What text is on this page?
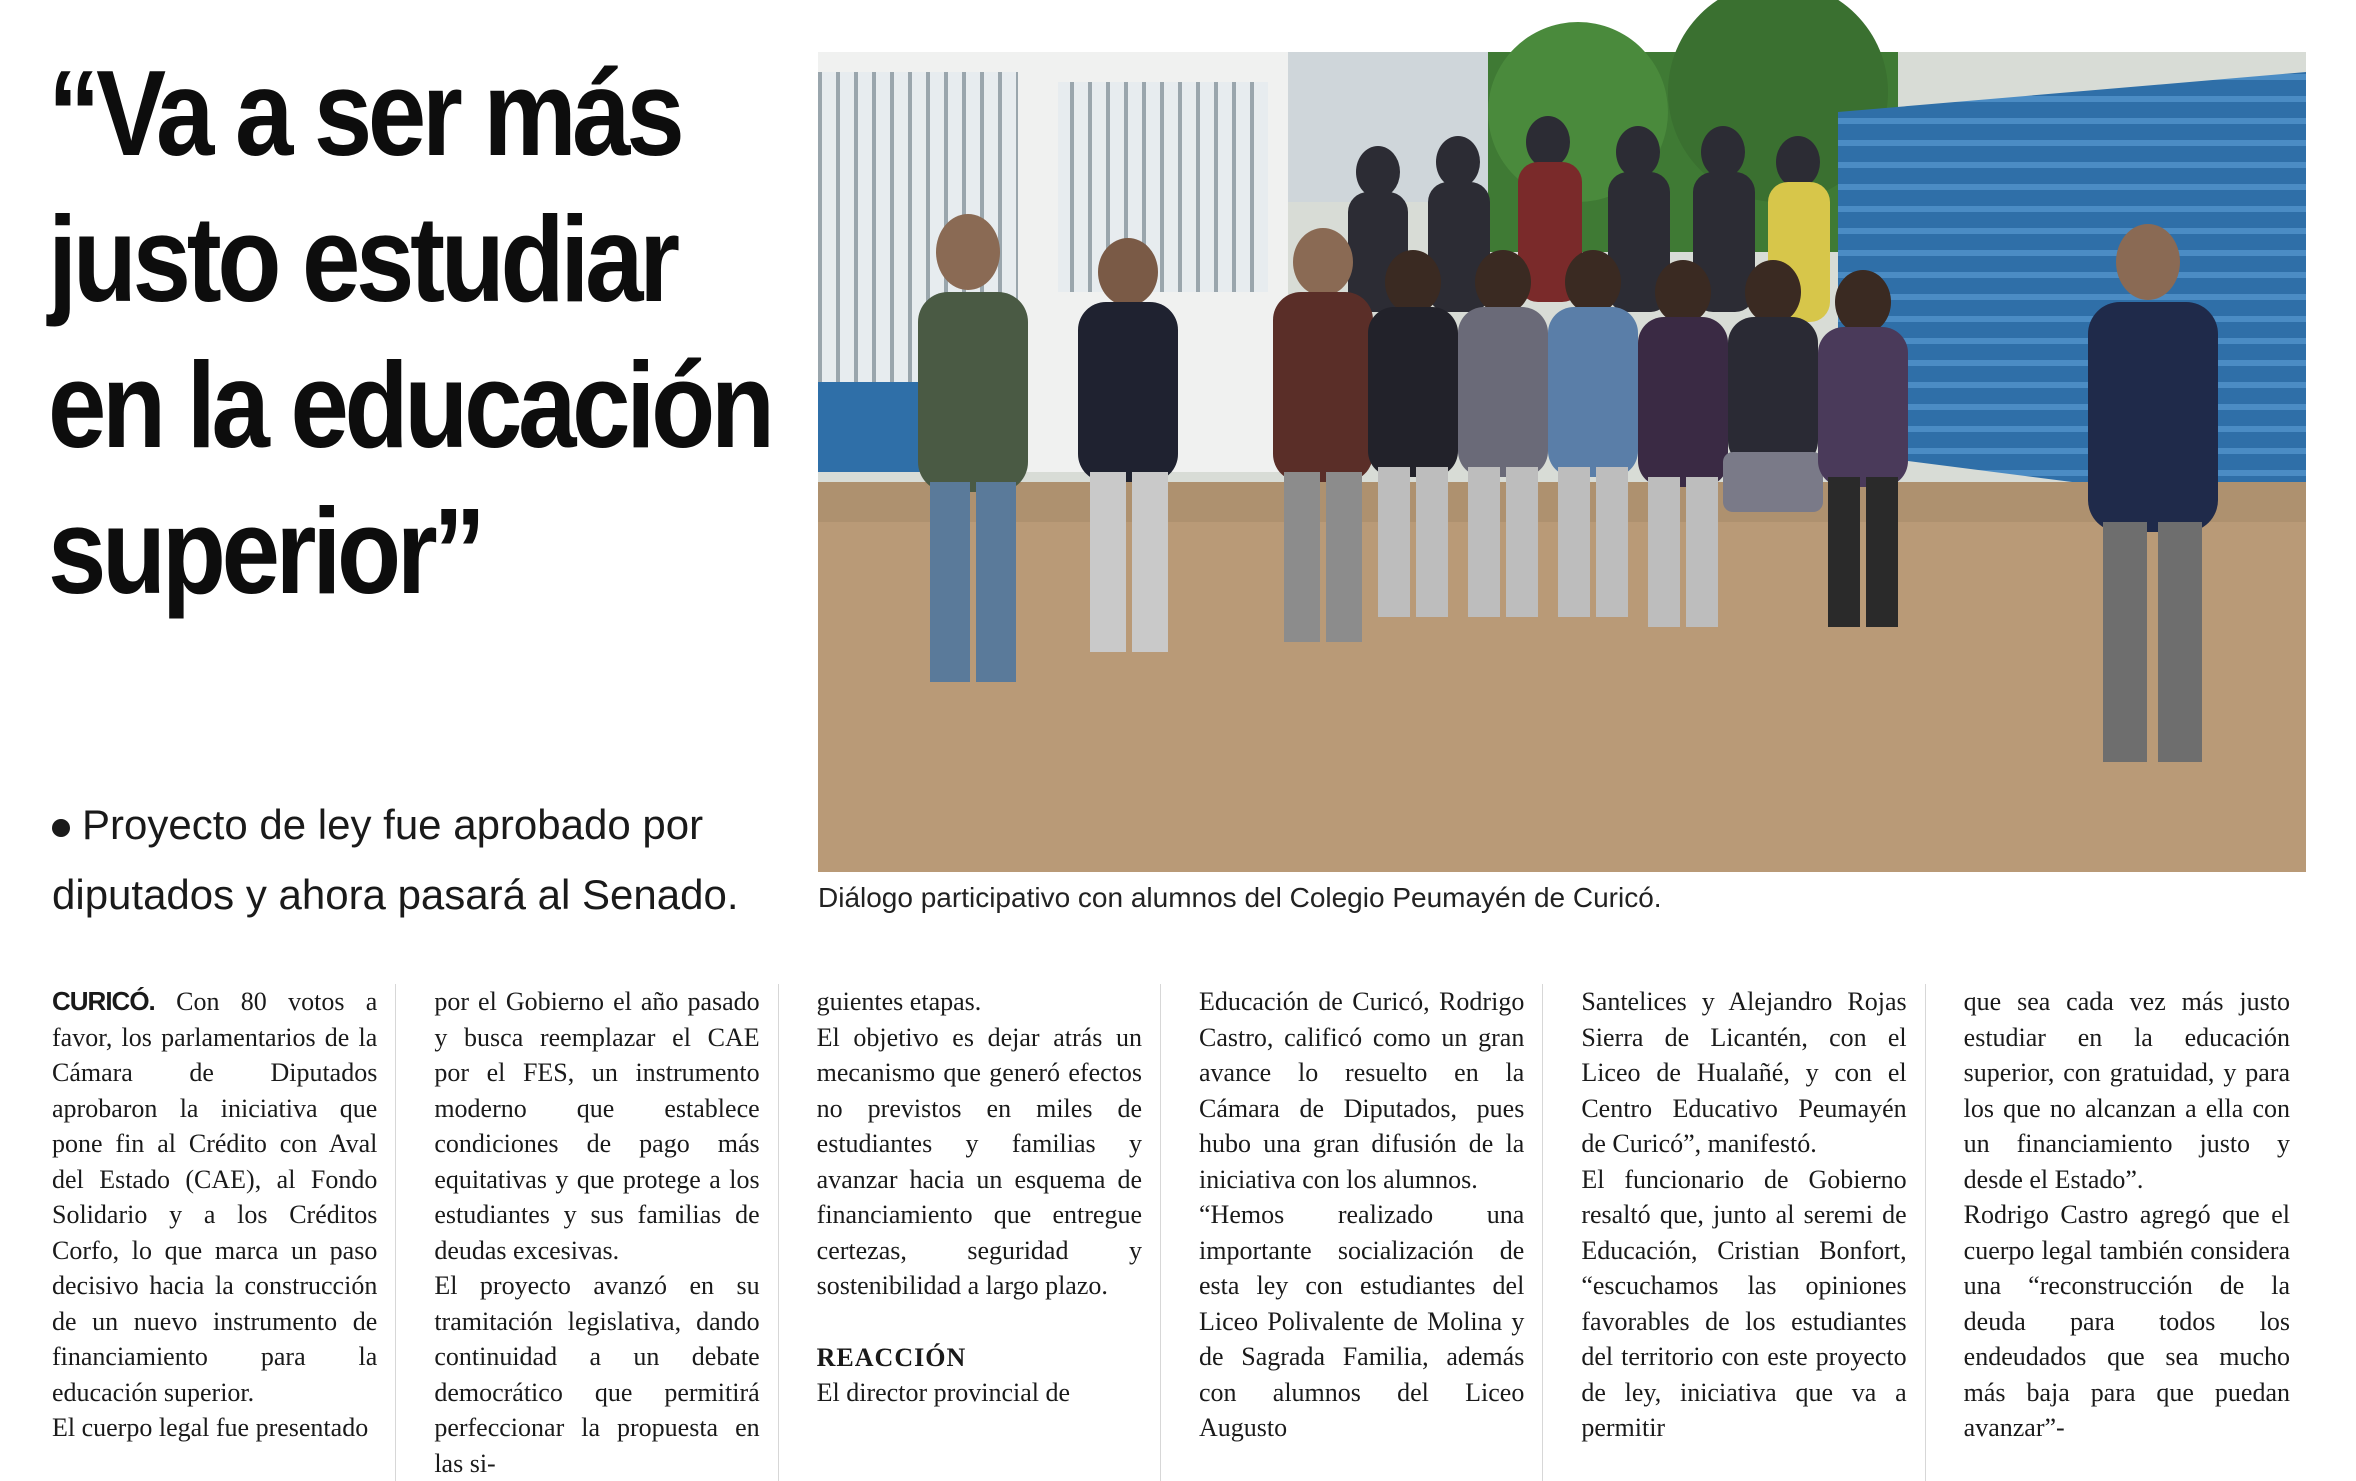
“Va a ser más
justo estudiar
en la educación
superior”
Proyecto de ley fue aprobado por
diputados y ahora pasará al Senado.	Diálogo participativo con alumnos del Colegio Peumayén de Curicó.

CURICÓ. Con 80 votos a favor, los parlamentarios de la Cámara de Diputados aprobaron la iniciativa que pone fin al Crédito con Aval del Estado (CAE), al Fondo Solidario y a los Créditos Corfo, lo que marca un paso decisivo hacia la construcción de un nuevo instrumento de financiamiento para la educación superior.

El cuerpo legal fue presentado

por el Gobierno el año pasado y busca reemplazar el CAE por el FES, un instrumento moderno que establece condiciones de pago más equitativas y que protege a los estudiantes y sus familias de deudas excesivas.

El proyecto avanzó en su tramitación legislativa, dando continuidad a un debate democrático que permitirá perfeccionar la propuesta en las si-

guientes etapas.

El objetivo es dejar atrás un mecanismo que generó efectos no previstos en miles de estudiantes y familias y avanzar hacia un esquema de financiamiento que entregue certezas, seguridad y sostenibilidad a largo plazo.

REACCIÓN

El director provincial de

Educación de Curicó, Rodrigo Castro, calificó como un gran avance lo resuelto en la Cámara de Diputados, pues hubo una gran difusión de la iniciativa con los alumnos.

“Hemos realizado una importante socialización de esta ley con estudiantes del Liceo Polivalente de Molina y de Sagrada Familia, además con alumnos del Liceo Augusto

Santelices y Alejandro Rojas Sierra de Licantén, con el Liceo de Hualañé, y con el Centro Educativo Peumayén de Curicó”, manifestó.

El funcionario de Gobierno resaltó que, junto al seremi de Educación, Cristian Bonfort, “escuchamos las opiniones favorables de los estudiantes del territorio con este proyecto de ley, iniciativa que va a permitir

que sea cada vez más justo estudiar en la educación superior, con gratuidad, y para los que no alcanzan a ella con un financiamiento justo y desde el Estado”.

Rodrigo Castro agregó que el cuerpo legal también considera una “reconstrucción de la deuda para todos los endeudados que sea mucho más baja para que puedan avanzar”-
